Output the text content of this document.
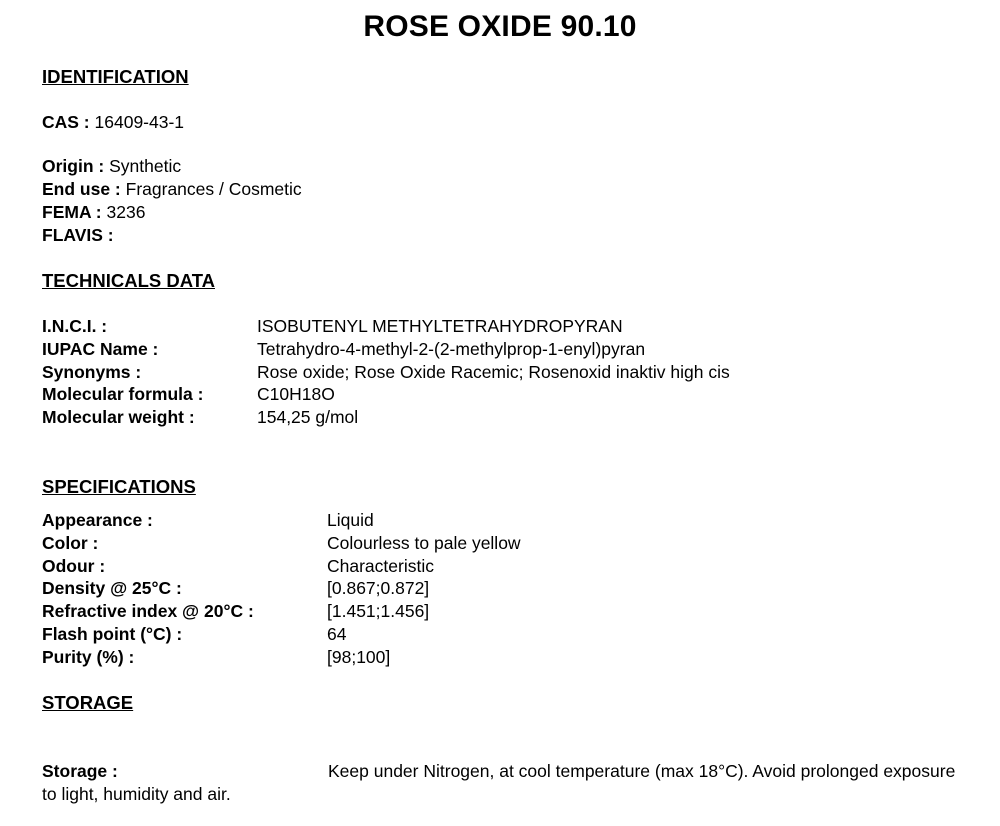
ROSE OXIDE 90.10
IDENTIFICATION
CAS : 16409-43-1
Origin : Synthetic
End use : Fragrances / Cosmetic
FEMA : 3236
FLAVIS :
TECHNICALS DATA
I.N.C.I. :	ISOBUTENYL METHYLTETRAHYDROPYRAN
IUPAC Name :	Tetrahydro-4-methyl-2-(2-methylprop-1-enyl)pyran
Synonyms :	Rose oxide; Rose Oxide Racemic; Rosenoxid inaktiv high cis
Molecular formula :	C10H18O
Molecular weight :	154,25 g/mol
SPECIFICATIONS
Appearance :	Liquid
Color :	Colourless to pale yellow
Odour :	Characteristic
Density @ 25°C :	[0.867;0.872]
Refractive index @ 20°C :	[1.451;1.456]
Flash point (°C) :	64
Purity (%) :	[98;100]
STORAGE
Storage :	Keep under Nitrogen, at cool temperature (max 18°C). Avoid prolonged exposure to light, humidity and air.
